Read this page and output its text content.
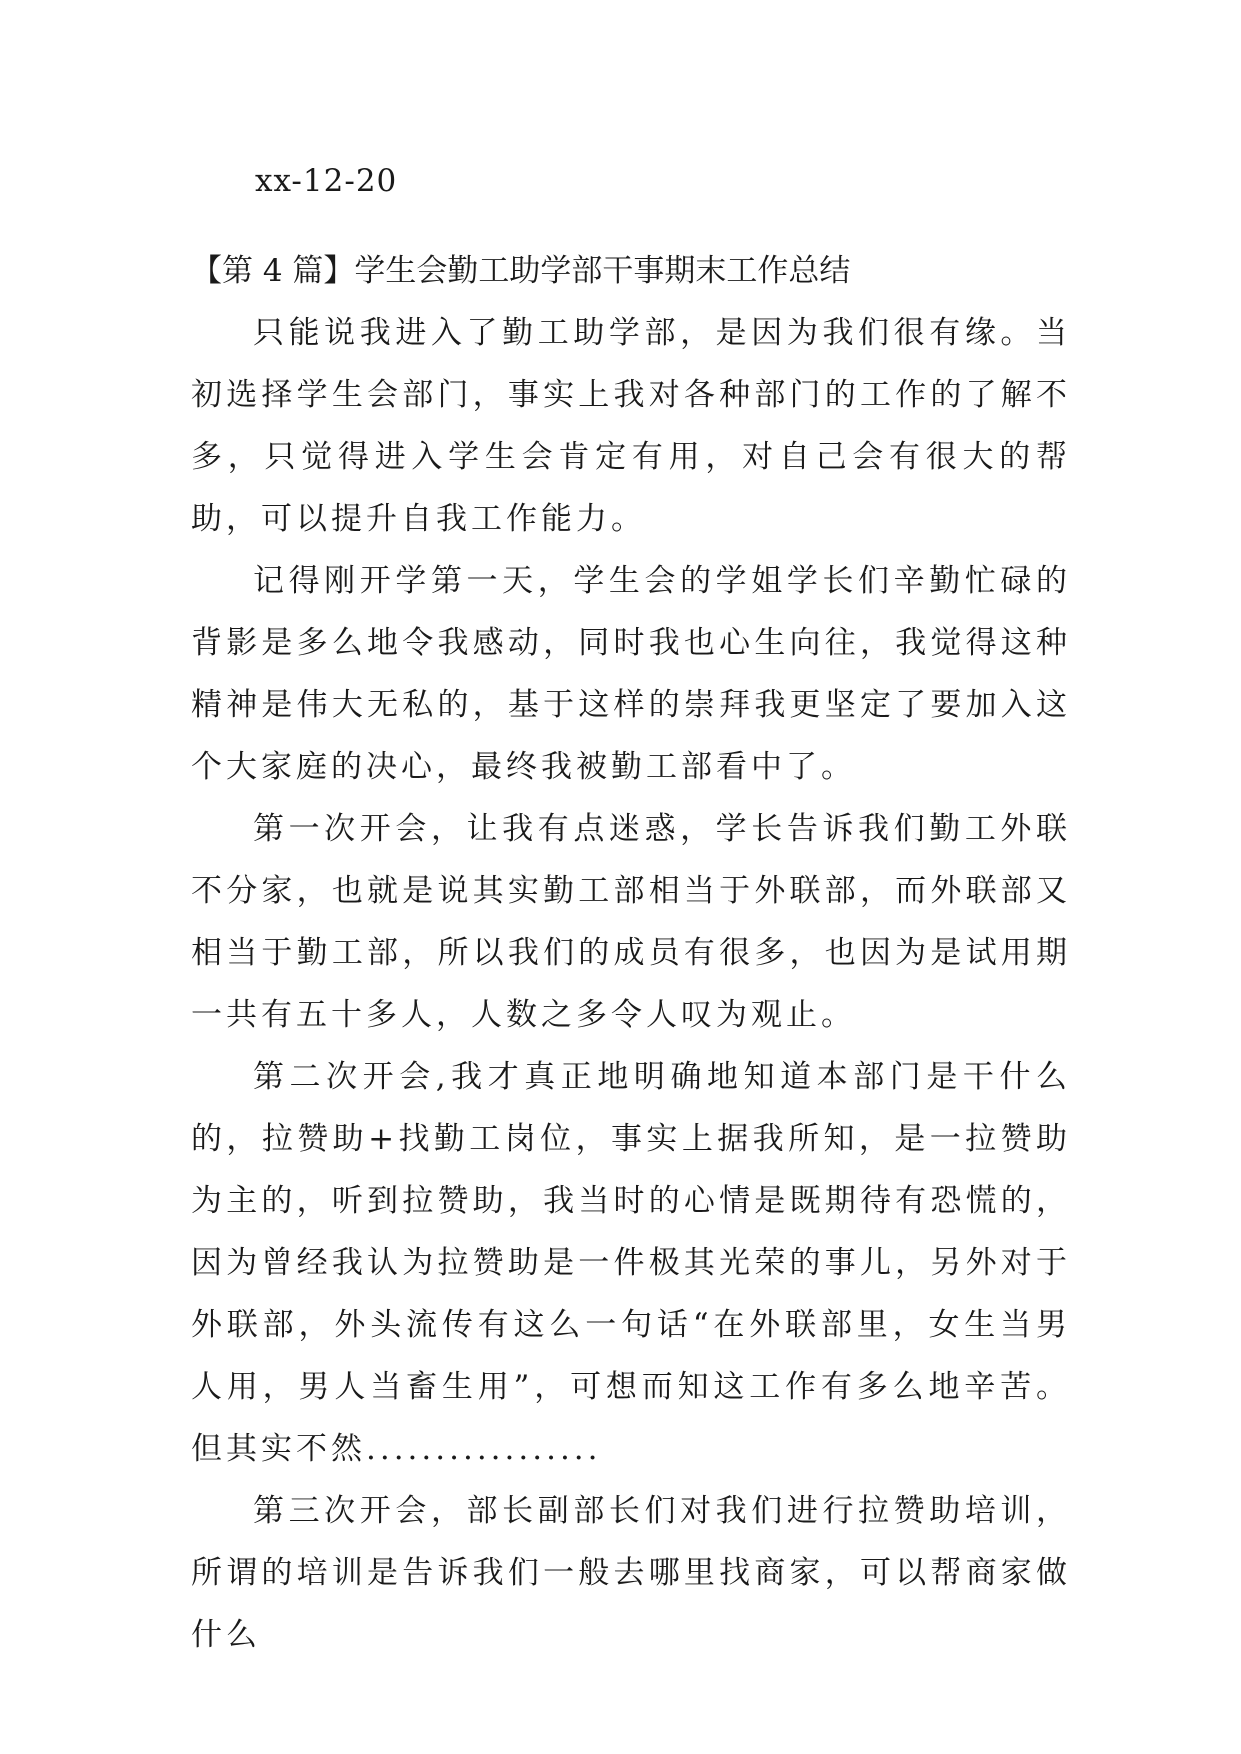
xx-12-20

【第 4 篇】学生会勤工助学部干事期末工作总结

只能说我进入了勤工助学部，是因为我们很有缘。当初选择学生会部门，事实上我对各种部门的工作的了解不多，只觉得进入学生会肯定有用，对自己会有很大的帮助，可以提升自我工作能力。

记得刚开学第一天，学生会的学姐学长们辛勤忙碌的背影是多么地令我感动，同时我也心生向往，我觉得这种精神是伟大无私的，基于这样的崇拜我更坚定了要加入这个大家庭的决心，最终我被勤工部看中了。

第一次开会，让我有点迷惑，学长告诉我们勤工外联不分家，也就是说其实勤工部相当于外联部，而外联部又相当于勤工部，所以我们的成员有很多，也因为是试用期一共有五十多人，人数之多令人叹为观止。

第二次开会,我才真正地明确地知道本部门是干什么的，拉赞助+找勤工岗位，事实上据我所知，是一拉赞助为主的，听到拉赞助，我当时的心情是既期待有恐慌的，因为曾经我认为拉赞助是一件极其光荣的事儿，另外对于外联部，外头流传有这么一句话“在外联部里，女生当男人用，男人当畜生用”，可想而知这工作有多么地辛苦。但其实不然.................

第三次开会，部长副部长们对我们进行拉赞助培训，所谓的培训是告诉我们一般去哪里找商家，可以帮商家做什么
